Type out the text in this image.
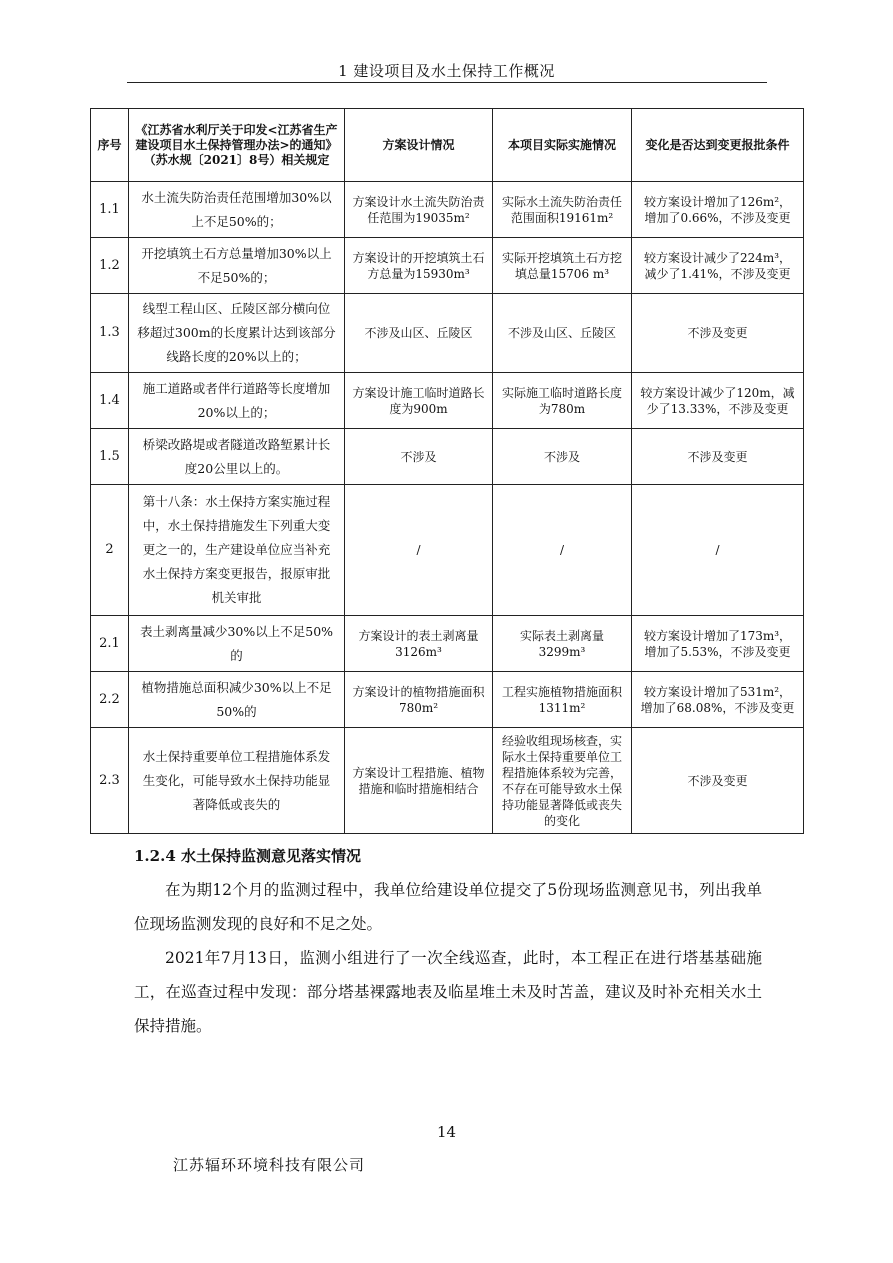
1 建设项目及水土保持工作概况
序号	《江苏省水利厅关于印发<江苏省生产建设项目水土保持管理办法>的通知》（苏水规〔2021〕8号）相关规定	方案设计情况	本项目实际实施情况	变化是否达到变更报批条件
1.1	水土流失防治责任范围增加30%以上不足50%的；	方案设计水土流失防治责任范围为19035m²	实际水土流失防治责任范围面积19161m²	较方案设计增加了126m²，增加了0.66%，不涉及变更
1.2	开挖填筑土石方总量增加30%以上不足50%的；	方案设计的开挖填筑土石方总量为15930m³	实际开挖填筑土石方挖填总量15706 m³	较方案设计减少了224m³，减少了1.41%，不涉及变更
1.3	线型工程山区、丘陵区部分横向位移超过300m的长度累计达到该部分线路长度的20%以上的；	不涉及山区、丘陵区	不涉及山区、丘陵区	不涉及变更
1.4	施工道路或者伴行道路等长度增加20%以上的；	方案设计施工临时道路长度为900m	实际施工临时道路长度为780m	较方案设计减少了120m，减少了13.33%，不涉及变更
1.5	桥梁改路堤或者隧道改路堑累计长度20公里以上的。	不涉及	不涉及	不涉及变更
2	第十八条：水土保持方案实施过程中，水土保持措施发生下列重大变更之一的，生产建设单位应当补充水土保持方案变更报告，报原审批机关审批	/	/	/
2.1	表土剥离量减少30%以上不足50%的	方案设计的表土剥离量3126m³	实际表土剥离量3299m³	较方案设计增加了173m³，增加了5.53%，不涉及变更
2.2	植物措施总面积减少30%以上不足50%的	方案设计的植物措施面积780m²	工程实施植物措施面积1311m²	较方案设计增加了531m²，增加了68.08%，不涉及变更
2.3	水土保持重要单位工程措施体系发生变化，可能导致水土保持功能显著降低或丧失的	方案设计工程措施、植物措施和临时措施相结合	经验收组现场核查，实际水土保持重要单位工程措施体系较为完善，不存在可能导致水土保持功能显著降低或丧失的变化	不涉及变更
1.2.4 水土保持监测意见落实情况

在为期12个月的监测过程中，我单位给建设单位提交了5份现场监测意见书，列出我单位现场监测发现的良好和不足之处。

2021年7月13日，监测小组进行了一次全线巡查，此时，本工程正在进行塔基基础施工，在巡查过程中发现：部分塔基裸露地表及临星堆土未及时苫盖，建议及时补充相关水土保持措施。

14
江苏辐环环境科技有限公司
